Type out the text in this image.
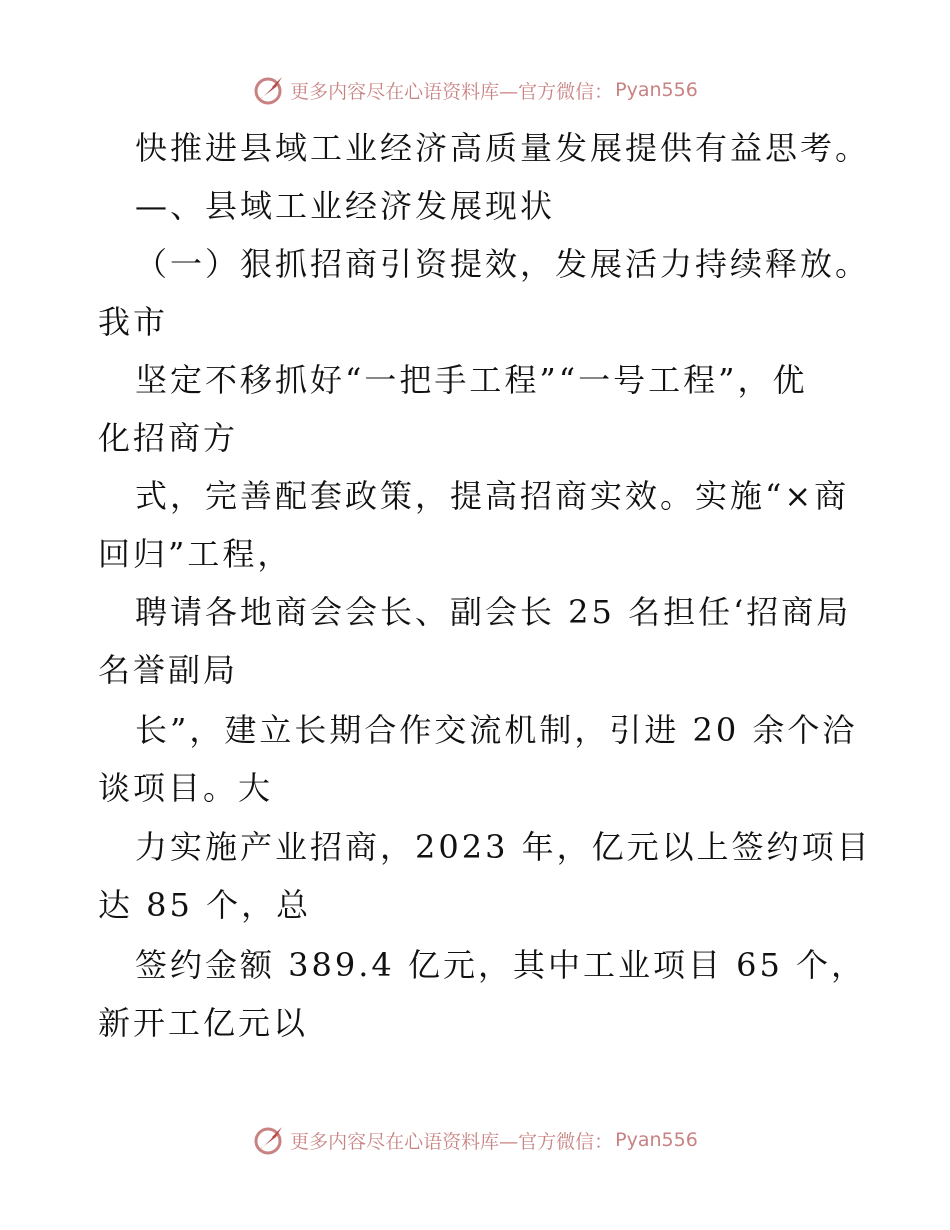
更多内容尽在心语资料库—官方微信： Pyan556
快推进县域工业经济高质量发展提供有益思考。
—、县域工业经济发展现状
（一）狠抓招商引资提效，发展活力持续释放。
我市
坚定不移抓好“一把手工程”“一号工程”，优
化招商方
式，完善配套政策，提高招商实效。实施“×商
回归”工程，
聘请各地商会会长、副会长 25 名担任‘招商局
名誉副局
长”，建立长期合作交流机制，引进 20 余个洽
谈项目。大
力实施产业招商，2023 年，亿元以上签约项目
达 85 个，总
签约金额 389.4 亿元，其中工业项目 65 个，
新开工亿元以
更多内容尽在心语资料库—官方微信： Pyan556
